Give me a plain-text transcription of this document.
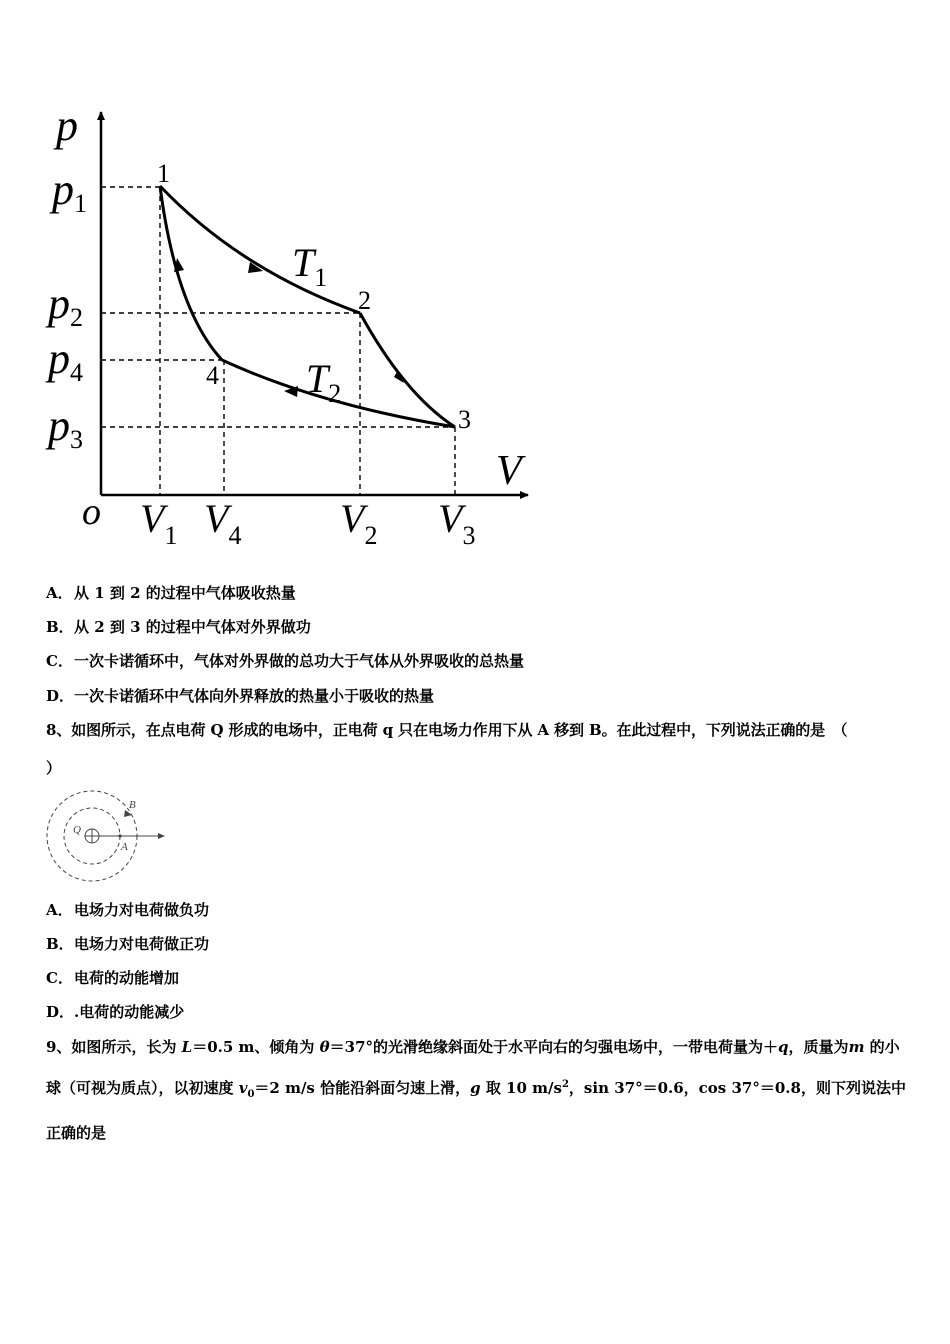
p
V
o
p1
p2
p4
p3
V1 V4 V2 V3
1
2
3
4
T1
T2
A．从 1 到 2 的过程中气体吸收热量
B．从 2 到 3 的过程中气体对外界做功
C．一次卡诺循环中，气体对外界做的总功大于气体从外界吸收的总热量
D．一次卡诺循环中气体向外界释放的热量小于吸收的热量
8、如图所示，在点电荷 Q 形成的电场中，正电荷 q 只在电场力作用下从 A 移到 B。在此过程中，下列说法正确的是　（
）
Q
A
B
A．电场力对电荷做负功
B．电场力对电荷做正功
C．电荷的动能增加
D．.电荷的动能减少
9、如图所示，长为 L＝0.5 m、倾角为 θ＝37°的光滑绝缘斜面处于水平向右的匀强电场中，一带电荷量为＋q，质量为m 的小球（可视为质点），以初速度 $v_0=2$ m/s 恰能沿斜面匀速上滑，g 取 10 $m/s^2$，sin 37°＝0.6，cos 37°＝0.8，则下列说法中正确的是
